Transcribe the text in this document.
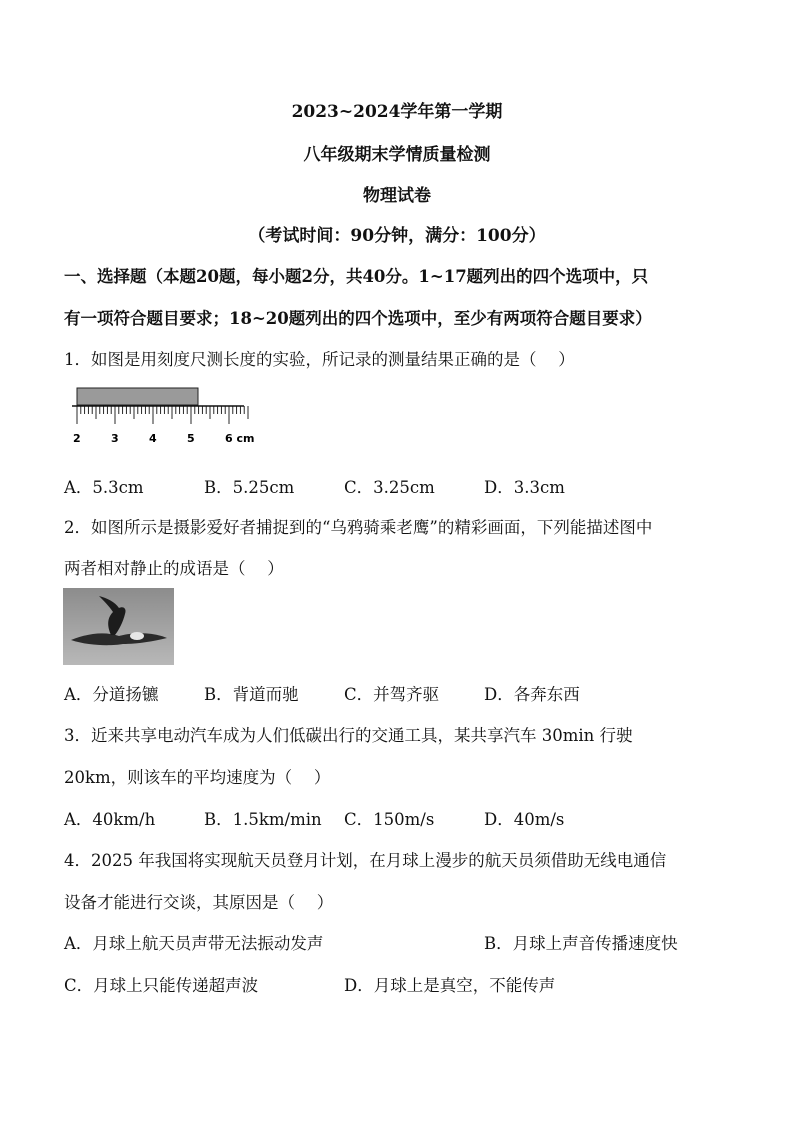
2023~2024学年第一学期
八年级期末学情质量检测
物理试卷
（考试时间：90分钟，满分：100分）
一、选择题（本题20题，每小题2分，共40分。1~17题列出的四个选项中，只
有一项符合题目要求；18~20题列出的四个选项中，至少有两项符合题目要求）
1．如图是用刻度尺测长度的实验，所记录的测量结果正确的是（　 ）
2	3	4	5	6 cm
A．5.3cm	B．5.25cm	C．3.25cm	D．3.3cm
2．如图所示是摄影爱好者捕捉到的“乌鸦骑乘老鹰”的精彩画面，下列能描述图中
两者相对静止的成语是（　 ）
A．分道扬镳	B．背道而驰	C．并驾齐驱	D．各奔东西
3．近来共享电动汽车成为人们低碳出行的交通工具，某共享汽车 30min 行驶
20km，则该车的平均速度为（　 ）
A．40km/h	B．1.5km/min C．150m/s	D．40m/s
4．2025 年我国将实现航天员登月计划，在月球上漫步的航天员须借助无线电通信
设备才能进行交谈，其原因是（　 ）
A．月球上航天员声带无法振动发声	B．月球上声音传播速度快
C．月球上只能传递超声波	D．月球上是真空，不能传声
